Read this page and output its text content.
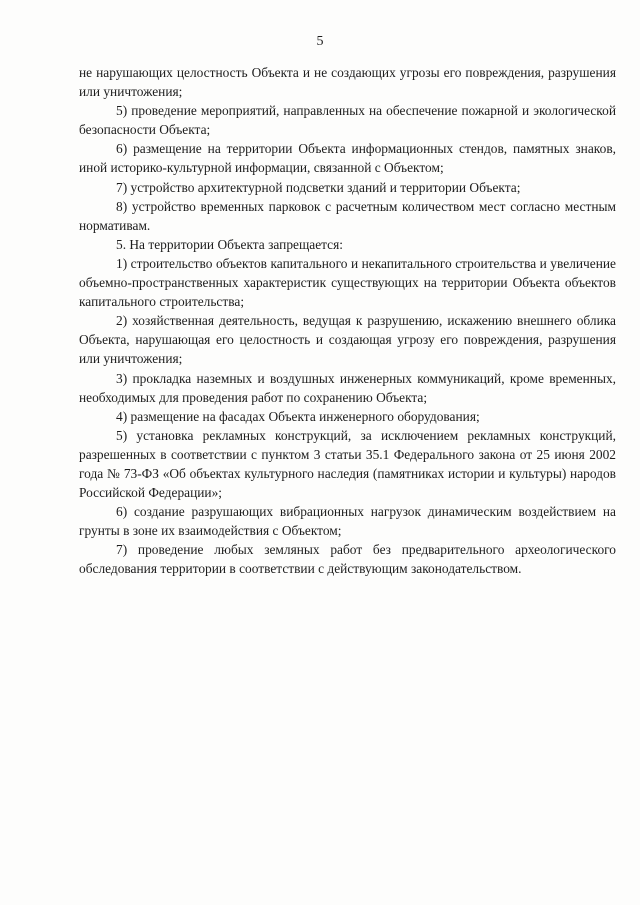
5

не нарушающих целостность Объекта и не создающих угрозы его повреждения, разрушения или уничтожения;

5) проведение мероприятий, направленных на обеспечение пожарной и экологической безопасности Объекта;

6) размещение на территории Объекта информационных стендов, памятных знаков, иной историко-культурной информации, связанной с Объектом;

7) устройство архитектурной подсветки зданий и территории Объекта;

8) устройство временных парковок с расчетным количеством мест согласно местным нормативам.

5. На территории Объекта запрещается:

1) строительство объектов капитального и некапитального строительства и увеличение объемно-пространственных характеристик существующих на территории Объекта объектов капитального строительства;

2) хозяйственная деятельность, ведущая к разрушению, искажению внешнего облика Объекта, нарушающая его целостность и создающая угрозу его повреждения, разрушения или уничтожения;

3) прокладка наземных и воздушных инженерных коммуникаций, кроме временных, необходимых для проведения работ по сохранению Объекта;

4) размещение на фасадах Объекта инженерного оборудования;

5) установка рекламных конструкций, за исключением рекламных конструкций, разрешенных в соответствии с пунктом 3 статьи 35.1 Федерального закона от 25 июня 2002 года № 73-ФЗ «Об объектах культурного наследия (памятниках истории и культуры) народов Российской Федерации»;

6) создание разрушающих вибрационных нагрузок динамическим воздействием на грунты в зоне их взаимодействия с Объектом;

7) проведение любых земляных работ без предварительного археологического обследования территории в соответствии с действующим законодательством.
